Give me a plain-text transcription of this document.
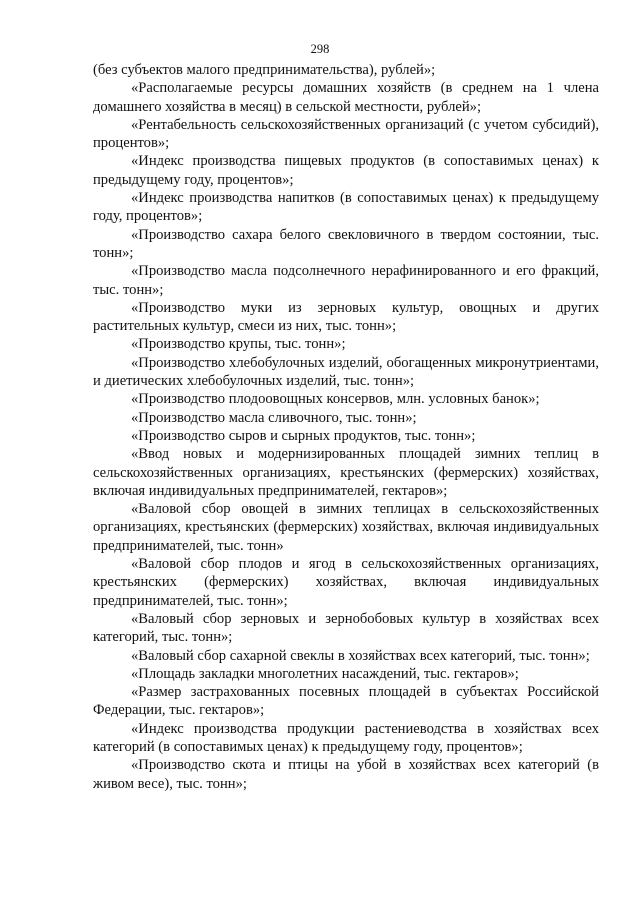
298

(без субъектов малого предпринимательства), рублей»;

«Располагаемые ресурсы домашних хозяйств (в среднем на 1 члена домашнего хозяйства в месяц) в сельской местности, рублей»;

«Рентабельность сельскохозяйственных организаций (с учетом субсидий), процентов»;

«Индекс производства пищевых продуктов (в сопоставимых ценах) к предыдущему году, процентов»;

«Индекс производства напитков (в сопоставимых ценах) к предыдущему году, процентов»;

«Производство сахара белого свекловичного в твердом состоянии, тыс. тонн»;

«Производство масла подсолнечного нерафинированного и его фракций, тыс. тонн»;

«Производство муки из зерновых культур, овощных и других растительных культур, смеси из них, тыс. тонн»;

«Производство крупы, тыс. тонн»;

«Производство хлебобулочных изделий, обогащенных микронутриентами, и диетических хлебобулочных изделий, тыс. тонн»;

«Производство плодоовощных консервов, млн. условных банок»;

«Производство масла сливочного, тыс. тонн»;

«Производство сыров и сырных продуктов, тыс. тонн»;

«Ввод новых и модернизированных площадей зимних теплиц в сельскохозяйственных организациях, крестьянских (фермерских) хозяйствах, включая индивидуальных предпринимателей, гектаров»;

«Валовой сбор овощей в зимних теплицах в сельскохозяйственных организациях, крестьянских (фермерских) хозяйствах, включая индивидуальных предпринимателей, тыс. тонн»

«Валовой сбор плодов и ягод в сельскохозяйственных организациях, крестьянских (фермерских) хозяйствах, включая индивидуальных предпринимателей, тыс. тонн»;

«Валовый сбор зерновых и зернобобовых культур в хозяйствах всех категорий, тыс. тонн»;

«Валовый сбор сахарной свеклы в хозяйствах всех категорий, тыс. тонн»;

«Площадь закладки многолетних насаждений, тыс. гектаров»;

«Размер застрахованных посевных площадей в субъектах Российской Федерации, тыс. гектаров»;

«Индекс производства продукции растениеводства в хозяйствах всех категорий (в сопоставимых ценах) к предыдущему году, процентов»;

«Производство скота и птицы на убой в хозяйствах всех категорий (в живом весе), тыс. тонн»;
